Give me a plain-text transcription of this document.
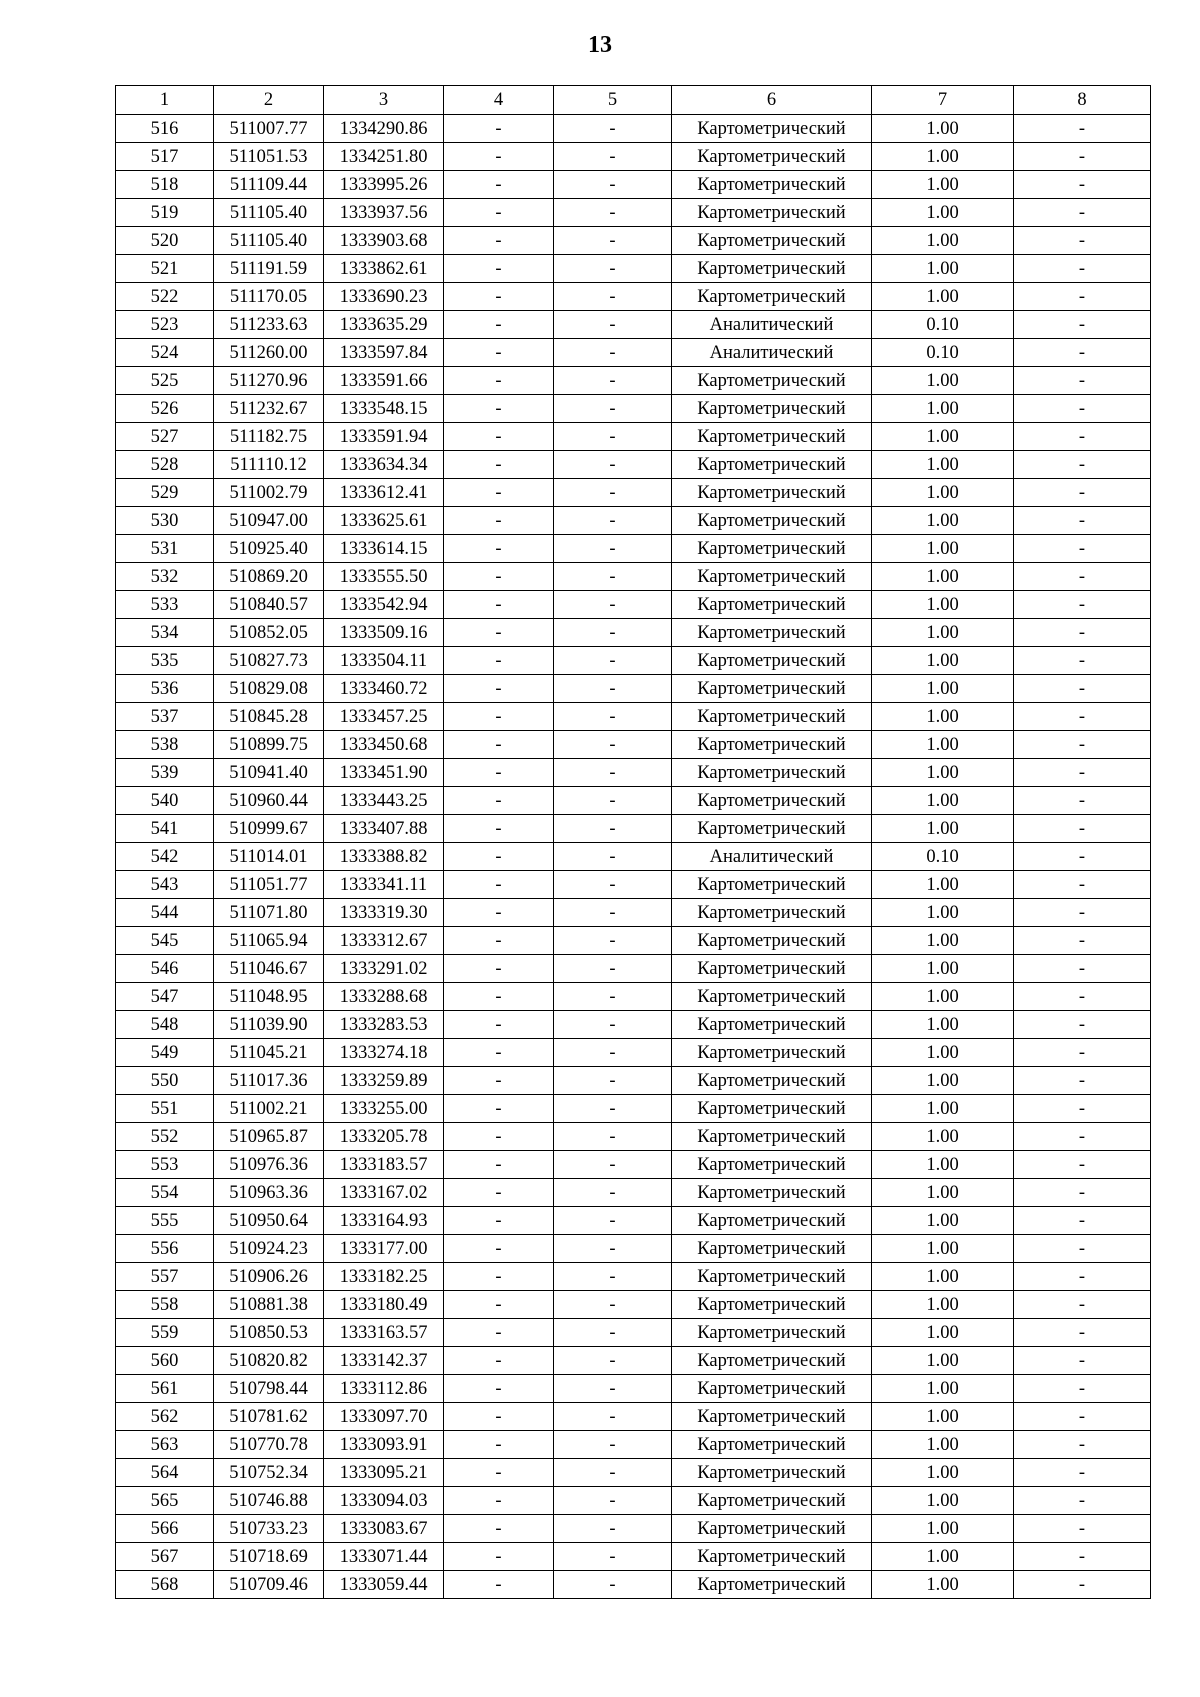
13
1	2	3	4	5	6	7	8
516	511007.77	1334290.86	-	-	Картометрический	1.00	-
517	511051.53	1334251.80	-	-	Картометрический	1.00	-
518	511109.44	1333995.26	-	-	Картометрический	1.00	-
519	511105.40	1333937.56	-	-	Картометрический	1.00	-
520	511105.40	1333903.68	-	-	Картометрический	1.00	-
521	511191.59	1333862.61	-	-	Картометрический	1.00	-
522	511170.05	1333690.23	-	-	Картометрический	1.00	-
523	511233.63	1333635.29	-	-	Аналитический	0.10	-
524	511260.00	1333597.84	-	-	Аналитический	0.10	-
525	511270.96	1333591.66	-	-	Картометрический	1.00	-
526	511232.67	1333548.15	-	-	Картометрический	1.00	-
527	511182.75	1333591.94	-	-	Картометрический	1.00	-
528	511110.12	1333634.34	-	-	Картометрический	1.00	-
529	511002.79	1333612.41	-	-	Картометрический	1.00	-
530	510947.00	1333625.61	-	-	Картометрический	1.00	-
531	510925.40	1333614.15	-	-	Картометрический	1.00	-
532	510869.20	1333555.50	-	-	Картометрический	1.00	-
533	510840.57	1333542.94	-	-	Картометрический	1.00	-
534	510852.05	1333509.16	-	-	Картометрический	1.00	-
535	510827.73	1333504.11	-	-	Картометрический	1.00	-
536	510829.08	1333460.72	-	-	Картометрический	1.00	-
537	510845.28	1333457.25	-	-	Картометрический	1.00	-
538	510899.75	1333450.68	-	-	Картометрический	1.00	-
539	510941.40	1333451.90	-	-	Картометрический	1.00	-
540	510960.44	1333443.25	-	-	Картометрический	1.00	-
541	510999.67	1333407.88	-	-	Картометрический	1.00	-
542	511014.01	1333388.82	-	-	Аналитический	0.10	-
543	511051.77	1333341.11	-	-	Картометрический	1.00	-
544	511071.80	1333319.30	-	-	Картометрический	1.00	-
545	511065.94	1333312.67	-	-	Картометрический	1.00	-
546	511046.67	1333291.02	-	-	Картометрический	1.00	-
547	511048.95	1333288.68	-	-	Картометрический	1.00	-
548	511039.90	1333283.53	-	-	Картометрический	1.00	-
549	511045.21	1333274.18	-	-	Картометрический	1.00	-
550	511017.36	1333259.89	-	-	Картометрический	1.00	-
551	511002.21	1333255.00	-	-	Картометрический	1.00	-
552	510965.87	1333205.78	-	-	Картометрический	1.00	-
553	510976.36	1333183.57	-	-	Картометрический	1.00	-
554	510963.36	1333167.02	-	-	Картометрический	1.00	-
555	510950.64	1333164.93	-	-	Картометрический	1.00	-
556	510924.23	1333177.00	-	-	Картометрический	1.00	-
557	510906.26	1333182.25	-	-	Картометрический	1.00	-
558	510881.38	1333180.49	-	-	Картометрический	1.00	-
559	510850.53	1333163.57	-	-	Картометрический	1.00	-
560	510820.82	1333142.37	-	-	Картометрический	1.00	-
561	510798.44	1333112.86	-	-	Картометрический	1.00	-
562	510781.62	1333097.70	-	-	Картометрический	1.00	-
563	510770.78	1333093.91	-	-	Картометрический	1.00	-
564	510752.34	1333095.21	-	-	Картометрический	1.00	-
565	510746.88	1333094.03	-	-	Картометрический	1.00	-
566	510733.23	1333083.67	-	-	Картометрический	1.00	-
567	510718.69	1333071.44	-	-	Картометрический	1.00	-
568	510709.46	1333059.44	-	-	Картометрический	1.00	-
